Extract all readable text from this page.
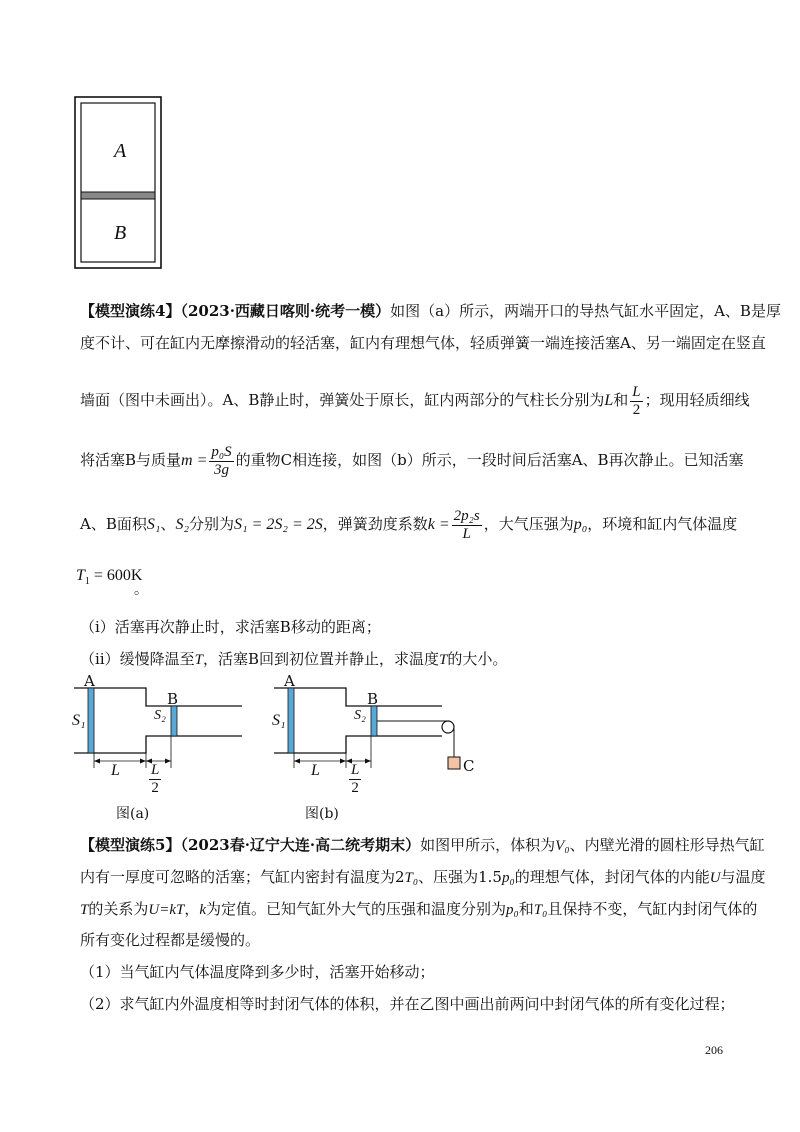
A
B
【模型演练4】（2023·西藏日喀则·统考一模）如图（a）所示，两端开口的导热气缸水平固定，A、B是厚
度不计、可在缸内无摩擦滑动的轻活塞，缸内有理想气体，轻质弹簧一端连接活塞A、另一端固定在竖直
墙面（图中未画出）。A、B静止时，弹簧处于原长，缸内两部分的气柱长分别为L和 $\frac{L}{2}$ ；现用轻质细线
将活塞B与质量$m = \frac{\text{p₀S}}{3g}$ 的重物C相连接，如图（b）所示，一段时间后活塞A、B再次静止。已知活塞
A、B面积S₁、S₂分别为S₁ = 2S₂ = 2S，弹簧劲度系数$k = \frac{\text{2p₂s}}{L}$ ，大气压强为p₀，环境和缸内气体温度
$T_1 = 600K$
。
（ⅰ）活塞再次静止时，求活塞B移动的距离；
（ⅱ）缓慢降温至T，活塞B回到初位置并静止，求温度T的大小。
A
B
S₁	S₂
L $\frac{L}{2}$
图(a)
A
B
S₁	S₂
L $\frac{L}{2}$	C
图(b)
【模型演练5】（2023春·辽宁大连·高二统考期末）如图甲所示，体积为V₀、内壁光滑的圆柱形导热气缸
内有一厚度可忽略的活塞；气缸内密封有温度为2T₀、压强为1.5p₀的理想气体，封闭气体的内能U与温度
T的关系为U=kT，k为定值。已知气缸外大气的压强和温度分别为p₀和T₀且保持不变，气缸内封闭气体的
所有变化过程都是缓慢的。
（1）当气缸内气体温度降到多少时，活塞开始移动；
（2）求气缸内外温度相等时封闭气体的体积，并在乙图中画出前两问中封闭气体的所有变化过程；
206
